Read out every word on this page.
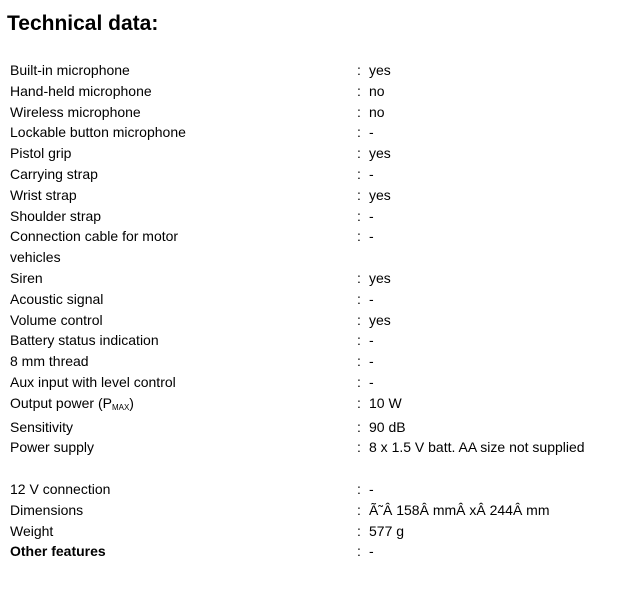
Technical data:
Built-in microphone	: yes
Hand-held microphone	: no
Wireless microphone	: no
Lockable button microphone	: -
Pistol grip	: yes
Carrying strap	: -
Wrist strap	: yes
Shoulder strap	: -
Connection cable for motor
vehicles
: -
Siren	: yes
Acoustic signal	: -
Volume control	: yes
Battery status indication	: -
8 mm thread	: -
Aux input with level control	: -
Output power (PMAX)	: 10 W
Sensitivity	: 90 dB
Power supply	: 8 x 1.5 V batt. AA size not supplied
12 V connection	: -
Dimensions	: Ã˜Â 158Â mmÂ xÂ 244Â mm
Weight	: 577 g
Other features	: -
